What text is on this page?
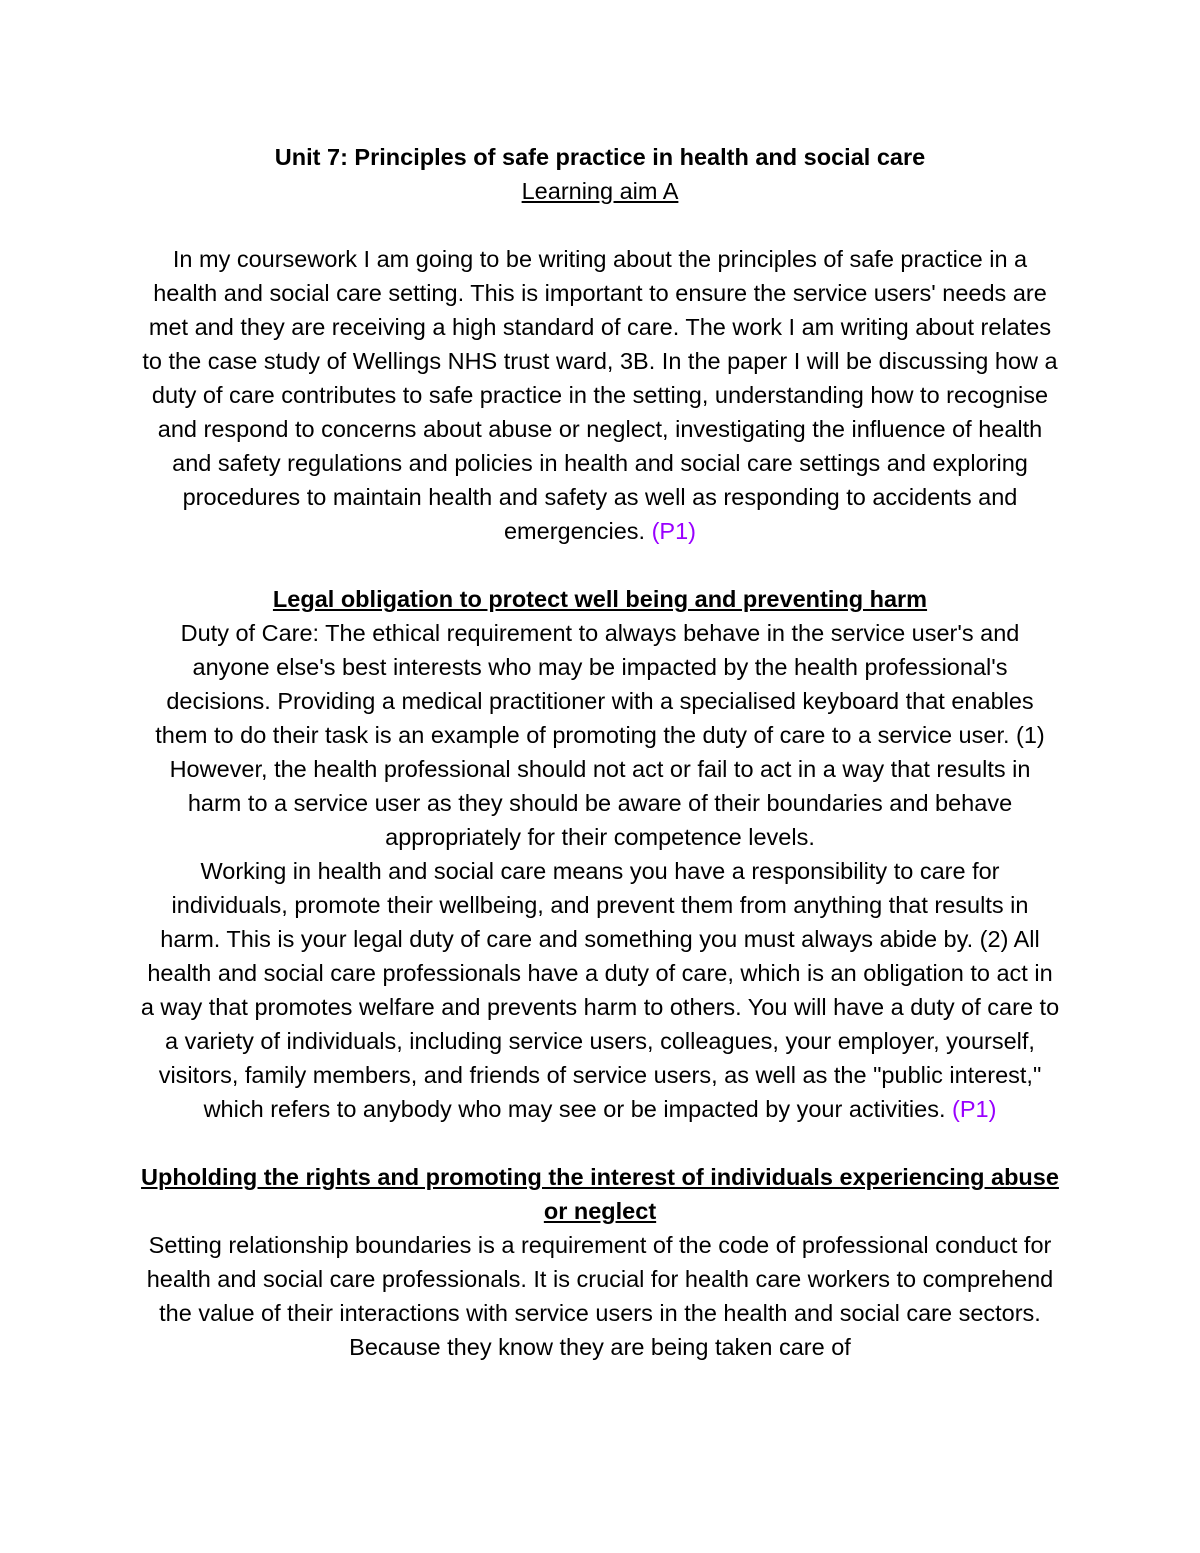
Unit 7: Principles of safe practice in health and social care
Learning aim A

In my coursework I am going to be writing about the principles of safe practice in a health and social care setting. This is important to ensure the service users' needs are met and they are receiving a high standard of care. The work I am writing about relates to the case study of Wellings NHS trust ward, 3B. In the paper I will be discussing how a duty of care contributes to safe practice in the setting, understanding how to recognise and respond to concerns about abuse or neglect, investigating the influence of health and safety regulations and policies in health and social care settings and exploring procedures to maintain health and safety as well as responding to accidents and emergencies. (P1)

Legal obligation to protect well being and preventing harm

Duty of Care: The ethical requirement to always behave in the service user's and anyone else's best interests who may be impacted by the health professional's decisions. Providing a medical practitioner with a specialised keyboard that enables them to do their task is an example of promoting the duty of care to a service user. (1) However, the health professional should not act or fail to act in a way that results in harm to a service user as they should be aware of their boundaries and behave appropriately for their competence levels.

Working in health and social care means you have a responsibility to care for individuals, promote their wellbeing, and prevent them from anything that results in harm. This is your legal duty of care and something you must always abide by. (2) All health and social care professionals have a duty of care, which is an obligation to act in a way that promotes welfare and prevents harm to others. You will have a duty of care to a variety of individuals, including service users, colleagues, your employer, yourself, visitors, family members, and friends of service users, as well as the "public interest," which refers to anybody who may see or be impacted by your activities. (P1)

Upholding the rights and promoting the interest of individuals experiencing abuse or neglect

Setting relationship boundaries is a requirement of the code of professional conduct for health and social care professionals. It is crucial for health care workers to comprehend the value of their interactions with service users in the health and social care sectors. Because they know they are being taken care of
